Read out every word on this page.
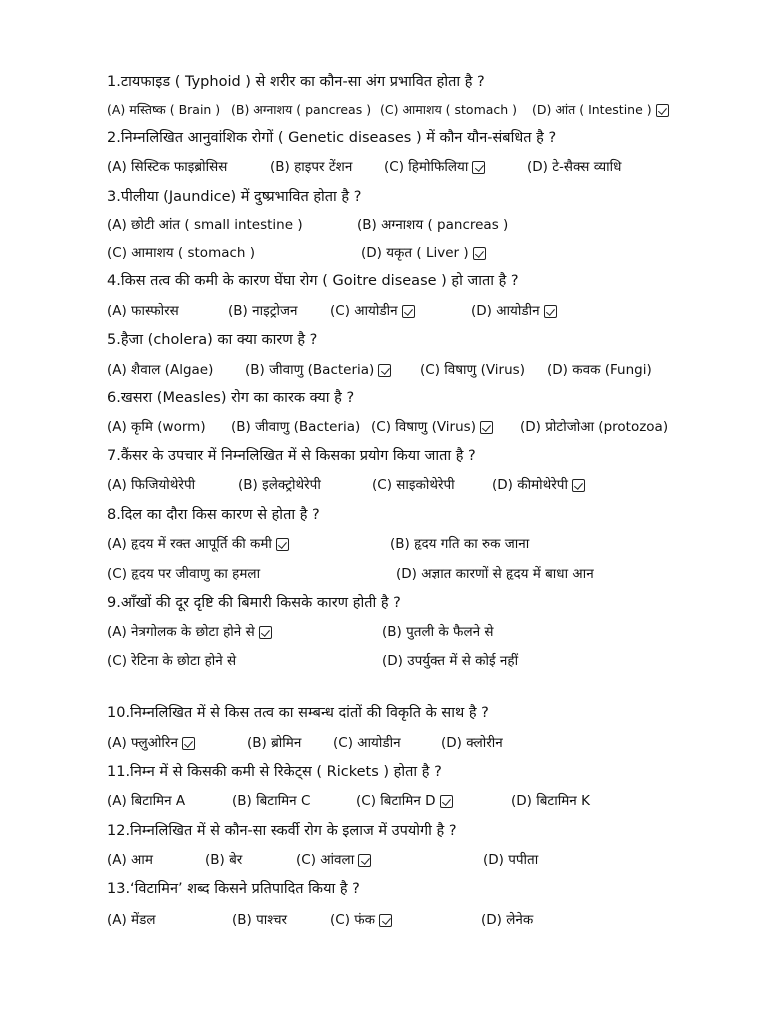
1.टायफाइड ( Typhoid ) से शरीर का कौन-सा अंग प्रभावित होता है ?
(A) मस्तिष्क ( Brain ) (B) अग्नाशय ( pancreas ) (C) आमाशय ( stomach ) (D) आंत ( Intestine )
2.निम्नलिखित आनुवांशिक रोगों ( Genetic diseases ) में कौन यौन-संबधित है ?
(A) सिस्टिक फाइब्रोसिस	(B) हाइपर टेंशन (C) हिमोफिलिया	(D) टे-सैक्स व्याधि
3.पीलीया (Jaundice) में दुष्प्रभावित होता है ?
(A) छोटी आंत ( small intestine )	(B) अग्नाशय ( pancreas )
(C) आमाशय ( stomach )	(D) यकृत ( Liver )
4.किस तत्व की कमी के कारण घेंघा रोग ( Goitre disease ) हो जाता है ?
(A) फास्फोरस	(B) नाइट्रोजन (C) आयोडीन	(D) आयोडीन
5.हैजा (cholera) का क्या कारण है ?
(A) शैवाल (Algae) (B) जीवाणु (Bacteria)	(C) विषाणु (Virus) (D) कवक (Fungi)
6.खसरा (Measles) रोग का कारक क्या है ?
(A) कृमि (worm) (B) जीवाणु (Bacteria) (C) विषाणु (Virus)	(D) प्रोटोजोआ (protozoa)
7.कैंसर के उपचार में निम्नलिखित में से किसका प्रयोग किया जाता है ?
(A) फिजियोथेरेपी	(B) इलेक्ट्रोथेरेपी	(C) साइकोथेरेपी	(D) कीमोथेरेपी
8.दिल का दौरा किस कारण से होता है ?
(A) हृदय में रक्त आपूर्ति की कमी	(B) हृदय गति का रुक जाना
(C) हृदय पर जीवाणु का हमला	(D) अज्ञात कारणों से हृदय में बाधा आन
9.आँखों की दूर दृष्टि की बिमारी किसके कारण होती है ?
(A) नेत्रगोलक के छोटा होने से	(B) पुतली के फैलने से
(C) रेटिना के छोटा होने से	(D) उपर्युक्त में से कोई नहीं
10.निम्नलिखित में से किस तत्व का सम्बन्ध दांतों की विकृति के साथ है ?
(A) फ्लुओरिन	(B) ब्रोमिन (C) आयोडीन	(D) क्लोरीन
11.निम्न में से किसकी कमी से रिकेट्स ( Rickets ) होता है ?
(A) बिटामिन A	(B) बिटामिन C	(C) बिटामिन D	(D) बिटामिन K
12.निम्नलिखित में से कौन-सा स्कर्वी रोग के इलाज में उपयोगी है ?
(A) आम	(B) बेर	(C) आंवला	(D) पपीता
13.‘विटामिन’ शब्द किसने प्रतिपादित किया है ?
(A) मेंडल	(B) पाश्चर	(C) फंक	(D) लेनेक
